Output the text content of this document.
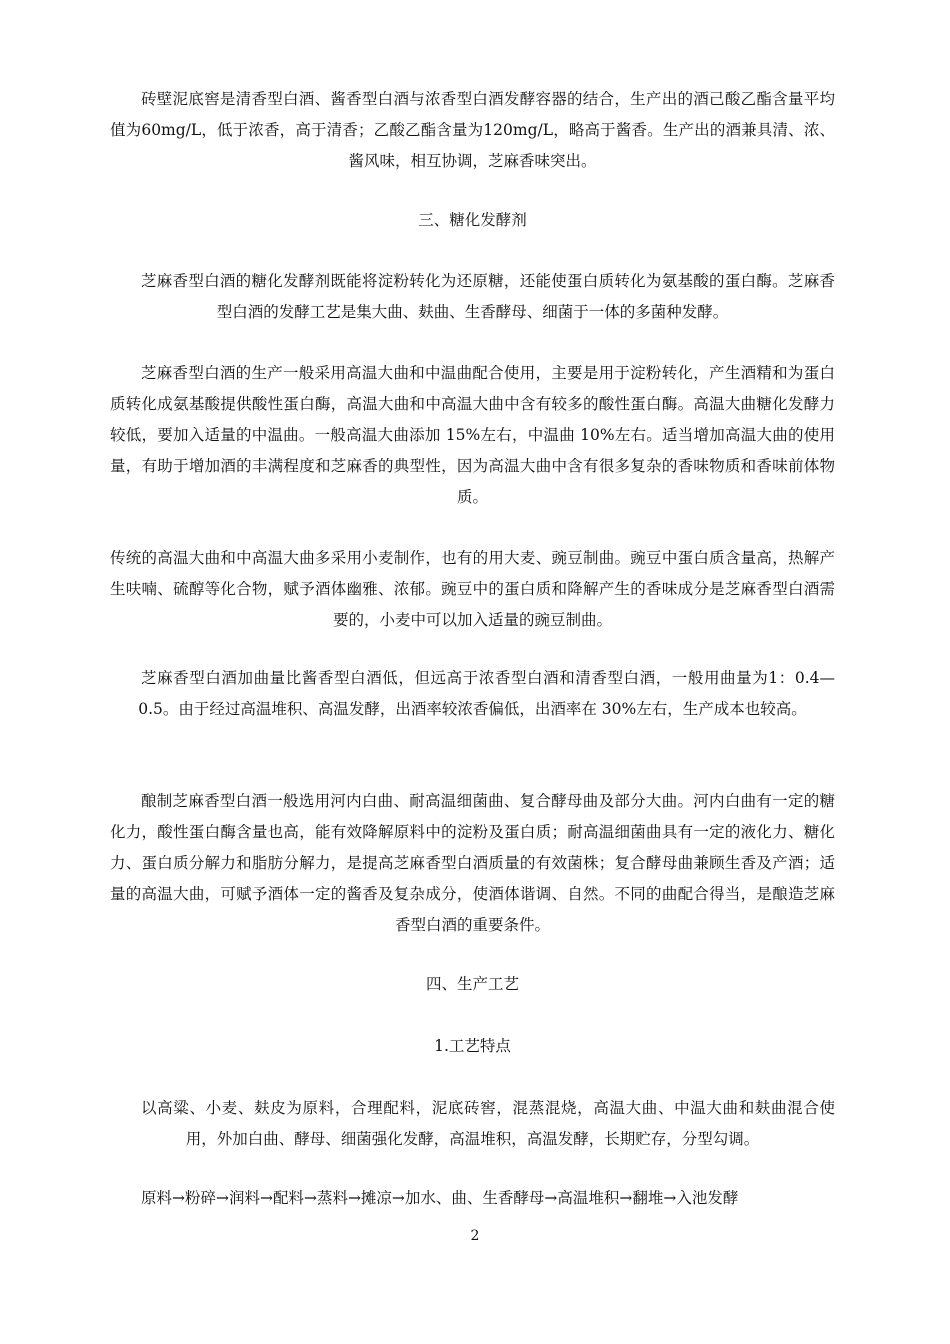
砖壁泥底窖是清香型白酒、酱香型白酒与浓香型白酒发酵容器的结合，生产出的酒己酸乙酯含量平均值为60mg/L，低于浓香，高于清香；乙酸乙酯含量为120mg/L，略高于酱香。生产出的酒兼具清、浓、酱风味，相互协调，芝麻香味突出。

三、糖化发酵剂

芝麻香型白酒的糖化发酵剂既能将淀粉转化为还原糖，还能使蛋白质转化为氨基酸的蛋白酶。芝麻香型白酒的发酵工艺是集大曲、麸曲、生香酵母、细菌于一体的多菌种发酵。

芝麻香型白酒的生产一般采用高温大曲和中温曲配合使用，主要是用于淀粉转化，产生酒精和为蛋白质转化成氨基酸提供酸性蛋白酶，高温大曲和中高温大曲中含有较多的酸性蛋白酶。高温大曲糖化发酵力较低，要加入适量的中温曲。一般高温大曲添加 15%左右，中温曲 10%左右。适当增加高温大曲的使用量，有助于增加酒的丰满程度和芝麻香的典型性，因为高温大曲中含有很多复杂的香味物质和香味前体物质。

传统的高温大曲和中高温大曲多采用小麦制作，也有的用大麦、豌豆制曲。豌豆中蛋白质含量高，热解产生呋喃、硫醇等化合物，赋予酒体幽雅、浓郁。豌豆中的蛋白质和降解产生的香味成分是芝麻香型白酒需要的，小麦中可以加入适量的豌豆制曲。

芝麻香型白酒加曲量比酱香型白酒低，但远高于浓香型白酒和清香型白酒，一般用曲量为1：0.4—0.5。由于经过高温堆积、高温发酵，出酒率较浓香偏低，出酒率在 30%左右，生产成本也较高。

酿制芝麻香型白酒一般选用河内白曲、耐高温细菌曲、复合酵母曲及部分大曲。河内白曲有一定的糖化力，酸性蛋白酶含量也高，能有效降解原料中的淀粉及蛋白质；耐高温细菌曲具有一定的液化力、糖化力、蛋白质分解力和脂肪分解力，是提高芝麻香型白酒质量的有效菌株；复合酵母曲兼顾生香及产酒；适量的高温大曲，可赋予酒体一定的酱香及复杂成分，使酒体谐调、自然。不同的曲配合得当，是酿造芝麻香型白酒的重要条件。

四、生产工艺

1.工艺特点

以高粱、小麦、麸皮为原料，合理配料，泥底砖窖，混蒸混烧，高温大曲、中温大曲和麸曲混合使用，外加白曲、酵母、细菌强化发酵，高温堆积，高温发酵，长期贮存，分型勾调。

原料→粉碎→润料→配料→蒸料→摊凉→加水、曲、生香酵母→高温堆积→翻堆→入池发酵

2
